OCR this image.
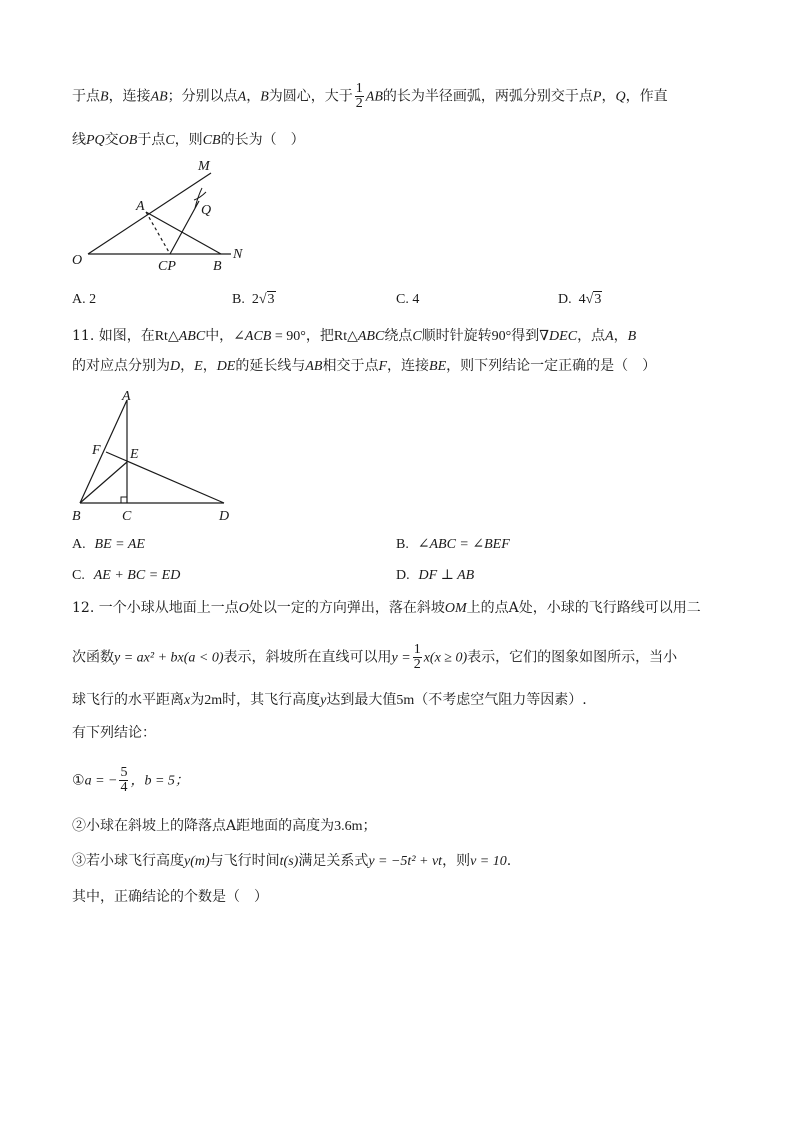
于点B，连接AB；分别以点A，B为圆心，大于 $\frac{1}{2}$ AB的长为半径画弧，两弧分别交于点P，Q，作直
线PQ交OB于点C，则CB的长为（　）
M
A	Q
O	CP	B
N
A. 2	B. 2√3	C. 4	D. 4√3
11. 如图，在Rt△ABC中，∠ACB = 90°，把Rt△ABC绕点C顺时针旋转90°得到∇DEC，点A，B
的对应点分别为D，E，DE的延长线与AB相交于点F，连接BE，则下列结论一定正确的是（　）
A
F E
B	C	D
A. BE = AE	B. ∠ABC = ∠BEF
C. AE + BC = ED	D. DF ⊥ AB
12. 一个小球从地面上一点O处以一定的方向弹出，落在斜坡OM上的点A处，小球的飞行路线可以用二
次函数y = ax² + bx(a < 0)表示，斜坡所在直线可以用$y = \frac{1}{2} x(x \ge 0)$表示，它们的图象如图所示，当小
球飞行的水平距离x为2m时，其飞行高度y达到最大值5m（不考虑空气阻力等因素）.
有下列结论：
①a = − $\frac{5}{4}$ ，b = 5；
②小球在斜坡上的降落点A距地面的高度为3.6m；
③若小球飞行高度y(m)与飞行时间t(s)满足关系式y = −5t² + vt，则v = 10.
其中，正确结论的个数是（　）
